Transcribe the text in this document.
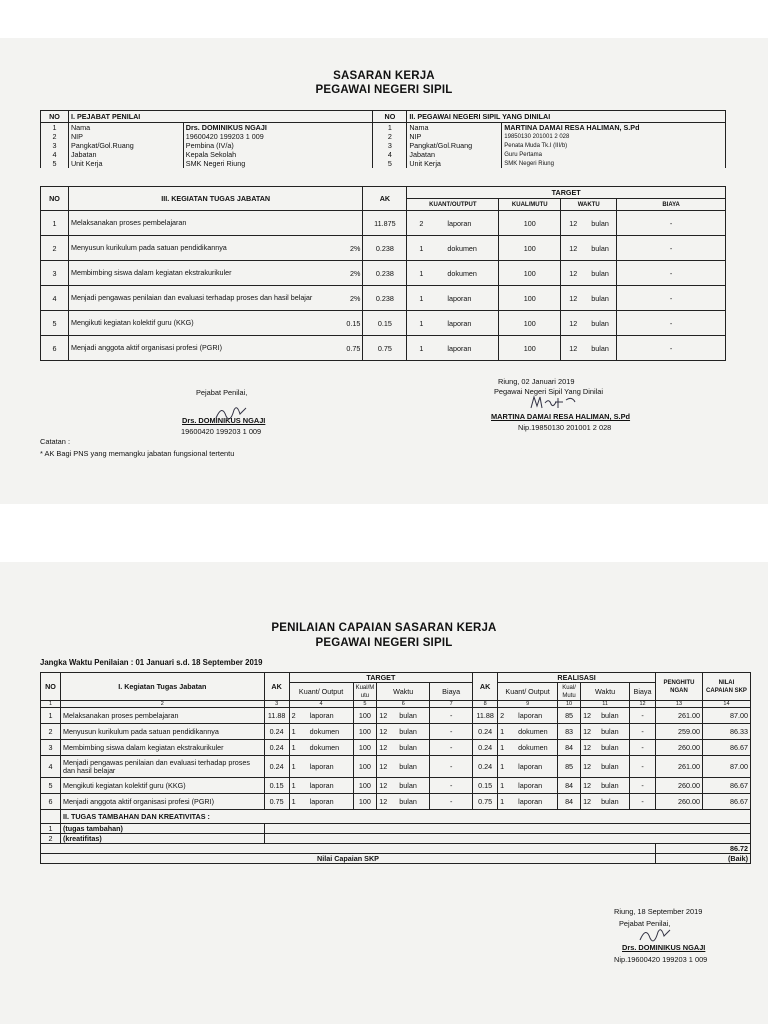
SASARAN KERJA
PEGAWAI NEGERI SIPIL
NO	I. PEJABAT PENILAI		NO	II. PEGAWAI NEGERI SIPIL YANG DINILAI	
1	Nama	Drs. DOMINIKUS NGAJI	1	Nama	MARTINA DAMAI RESA HALIMAN, S.Pd
2	NIP	19600420 199203 1 009	2	NIP	19850130 201001 2 028
3	Pangkat/Gol.Ruang	Pembina (IV/a)	3	Pangkat/Gol.Ruang	Penata Muda Tk.I (III/b)
4	Jabatan	Kepala Sekolah	4	Jabatan	Guru Pertama
5	Unit Kerja	SMK Negeri Riung	5	Unit Kerja	SMK Negeri Riung
NO	III. KEGIATAN TUGAS JABATAN	AK	TARGET			
			KUANT/OUTPUT	KUAL/MUTU	WAKTU	BIAYA
1	Melaksanakan proses pembelajaran	11.875	2 laporan	100	12 bulan	-
2	Menyusun kurikulum pada satuan pendidikannya 2%	0.238	1 dokumen	100	12 bulan	-
3	Membimbing siswa dalam kegiatan ekstrakurikuler 2%	0.238	1 dokumen	100	12 bulan	-
4	Menjadi pengawas penilaian dan evaluasi terhadap proses dan hasil belajar 2%	0.238	1 laporan	100	12 bulan	-
5	Mengikuti kegiatan kolektif guru (KKG) 0.15	0.15	1 laporan	100	12 bulan	-
6	Menjadi anggota aktif organisasi profesi (PGRI) 0.75	0.75	1 laporan	100	12 bulan	-
Riung, 02 Januari 2019
Pegawai Negeri Sipil Yang Dinilai
MARTINA DAMAI RESA HALIMAN, S.Pd
Nip.19850130 201001 2 028
Pejabat Penilai,
Drs. DOMINIKUS NGAJI
19600420 199203 1 009
Catatan :
* AK Bagi PNS yang memangku jabatan fungsional tertentu
PENILAIAN CAPAIAN SASARAN KERJA
PEGAWAI NEGERI SIPIL
Jangka Waktu Penilaian : 01 Januari s.d. 18 September 2019
NO	I. Kegiatan Tugas Jabatan	AK	TARGET				AK	REALISASI				PENGHITU NGAN	NILAI CAPAIAN SKP
			Kuant/ Output	Kual/M utu	Waktu	Biaya		Kuant/ Output	Kual/ Mutu	Waktu	Biaya		
1	2	3	4	5	6	7	8	9	10	11	12	13	14
1	Melaksanakan proses pembelajaran	11.88	2 laporan	100	12 bulan	-	11.88	2 laporan	85	12 bulan	-	261.00	87.00
2	Menyusun kurikulum pada satuan pendidikannya	0.24	1 dokumen	100	12 bulan	-	0.24	1 dokumen	83	12 bulan	-	259.00	86.33
3	Membimbing siswa dalam kegiatan ekstrakurikuler	0.24	1 dokumen	100	12 bulan	-	0.24	1 dokumen	84	12 bulan	-	260.00	86.67
4	Menjadi pengawas penilaian dan evaluasi terhadap proses dan hasil belajar	0.24	1 laporan	100	12 bulan	-	0.24	1 laporan	85	12 bulan	-	261.00	87.00
5	Mengikuti kegiatan kolektif guru (KKG)	0.15	1 laporan	100	12 bulan	-	0.15	1 laporan	84	12 bulan	-	260.00	86.67
6	Menjadi anggota aktif organisasi profesi (PGRI)	0.75	1 laporan	100	12 bulan	-	0.75	1 laporan	84	12 bulan	-	260.00	86.67
	II. TUGAS TAMBAHAN DAN KREATIVITAS :												
1	(tugas tambahan)												
2	(kreatifitas)												
												86.72	
Nilai Capaian SKP												(Baik)	
Riung, 18 September 2019
Pejabat Penilai,
Drs. DOMINIKUS NGAJI
Nip.19600420 199203 1 009
